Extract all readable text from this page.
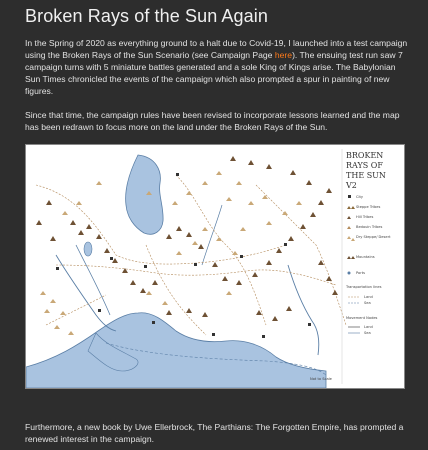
Broken Rays of the Sun Again

In the Spring of 2020 as everything ground to a halt due to Covid-19, I launched into a test campaign using the Broken Rays of the Sun Scenario (see Campaign Page here). The ensuing test run saw 7 campaign turns with 5 miniature battles generated and a sole King of Kings arise. The Babylonian Sun Times chronicled the events of the campaign which also prompted a spur in painting of new figures.

Since that time, the campaign rules have been revised to incorporate lessons learned and the map has been redrawn to focus more on the land under the Broken Rays of the Sun.

BROKEN
RAYS OF
THE SUN
V2
City
Steppe Tribes
Hill Tribes
Bedouin Tribes
Dry Steppe/ Desert
Mountains
Ports
Transportation lines
Land
Sea
Movement Nodes
Land
Sea
Not to Scale

Furthermore, a new book by Uwe Ellerbrock, The Parthians: The Forgotten Empire, has prompted a renewed interest in the campaign.
